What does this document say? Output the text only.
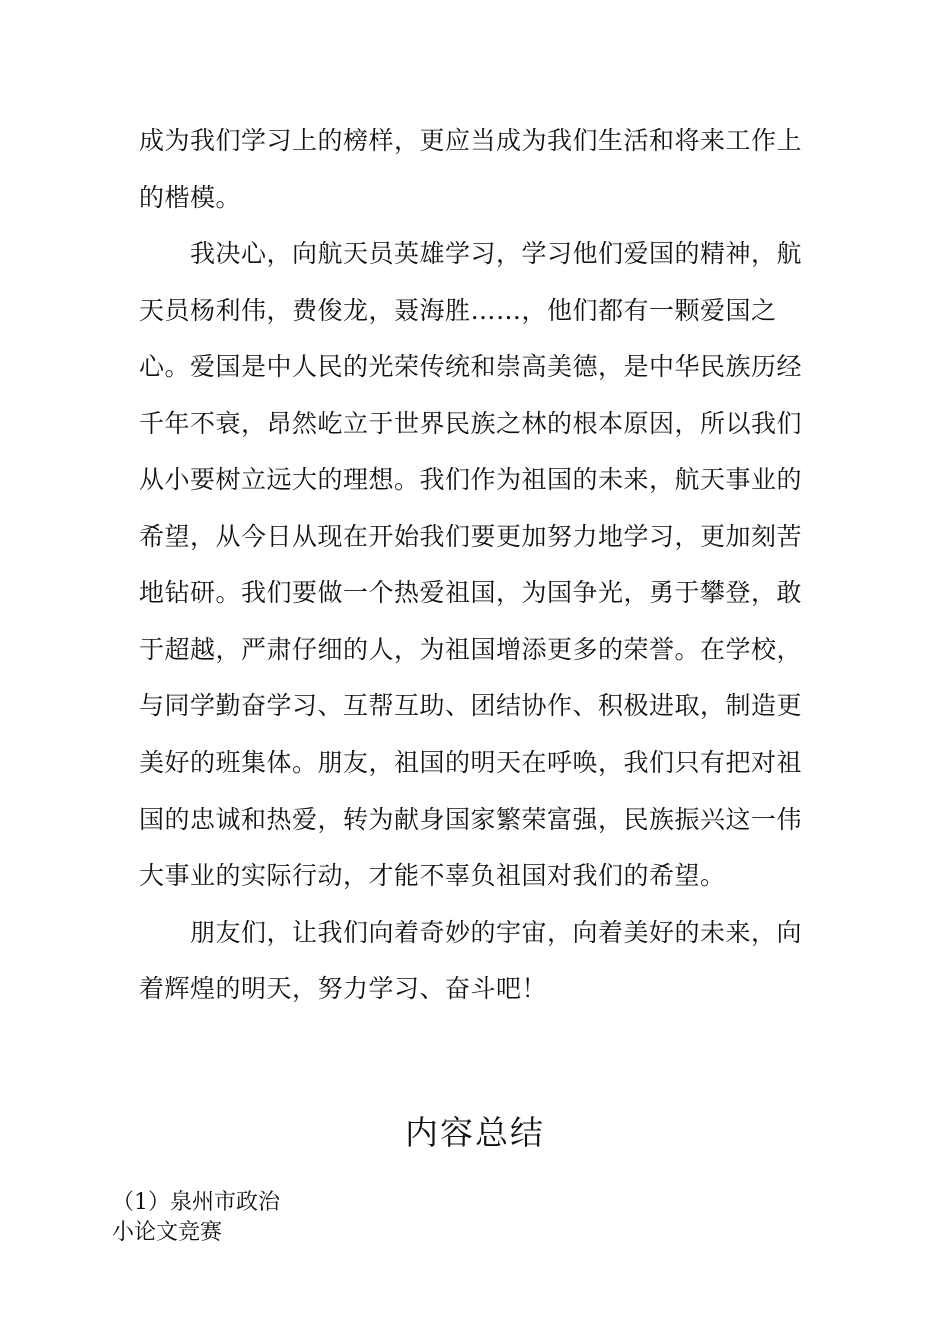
成为我们学习上的榜样，更应当成为我们生活和将来工作上
的楷模。
我决心，向航天员英雄学习，学习他们爱国的精神，航
天员杨利伟，费俊龙，聂海胜……，他们都有一颗爱国之
心。爱国是中人民的光荣传统和崇高美德，是中华民族历经
千年不衰，昂然屹立于世界民族之林的根本原因，所以我们
从小要树立远大的理想。我们作为祖国的未来，航天事业的
希望，从今日从现在开始我们要更加努力地学习，更加刻苦
地钻研。我们要做一个热爱祖国，为国争光，勇于攀登，敢
于超越，严肃仔细的人，为祖国增添更多的荣誉。在学校，
与同学勤奋学习、互帮互助、团结协作、积极进取，制造更
美好的班集体。朋友，祖国的明天在呼唤，我们只有把对祖
国的忠诚和热爱，转为献身国家繁荣富强，民族振兴这一伟
大事业的实际行动，才能不辜负祖国对我们的希望。
朋友们，让我们向着奇妙的宇宙，向着美好的未来，向
着辉煌的明天，努力学习、奋斗吧！
内容总结
（1）泉州市政治
小论文竞赛
